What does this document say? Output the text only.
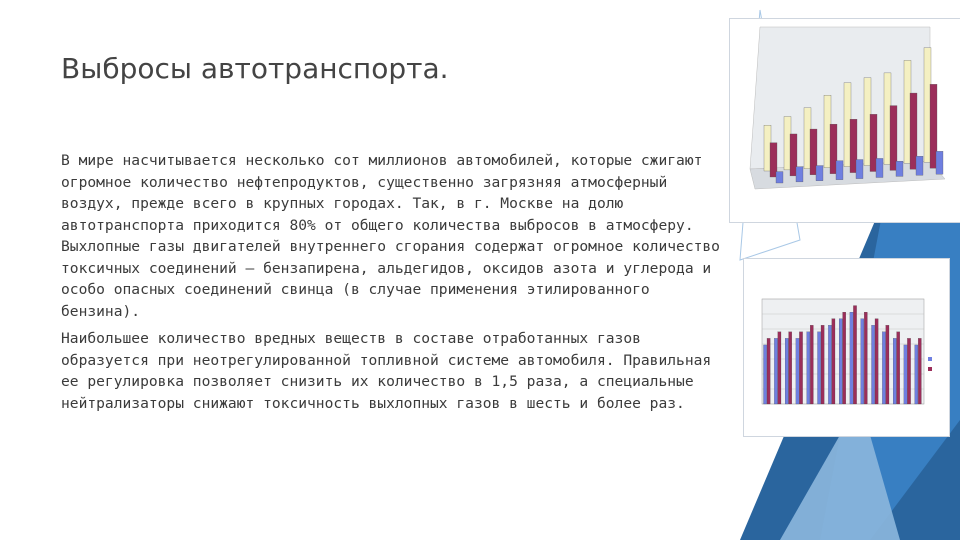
Выбросы автотранспорта.

В мире насчитывается несколько сот миллионов автомобилей, которые сжигают огромное количество нефтепродуктов, существенно загрязняя атмосферный воздух, прежде всего в крупных городах. Так, в г. Москве на долю автотранспорта приходится 80% от общего количества выбросов в атмосферу. Выхлопные газы двигателей внутреннего сгорания содержат огромное количество токсичных соединений — бензапирена, альдегидов, оксидов азота и углерода и особо опасных соединений свинца (в случае применения этилированного бензина).

Наибольшее количество вредных веществ в составе отработанных газов образуется при неотрегулированной топливной системе автомобиля. Правильная ее регулировка позволяет снизить их количество в 1,5 раза, а специальные нейтрализаторы снижают токсичность выхлопных газов в шесть и более раз.
